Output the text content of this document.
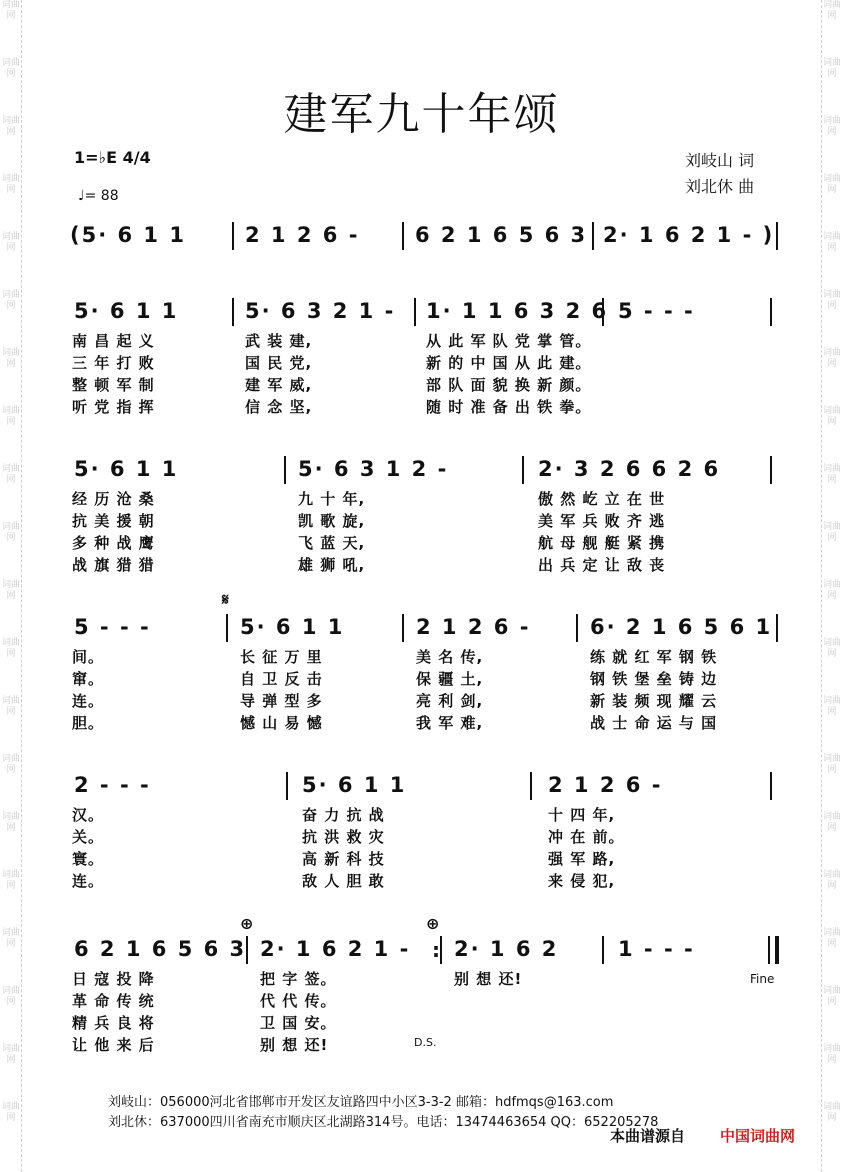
词曲网
词曲网
词曲网
词曲网
词曲网
词曲网
词曲网
词曲网
词曲网
词曲网
词曲网
词曲网
词曲网
词曲网
词曲网
词曲网
词曲网
词曲网
词曲网
词曲网
词曲网
词曲网
词曲网
词曲网
词曲网
词曲网
词曲网
词曲网
词曲网
词曲网
词曲网
词曲网
词曲网
词曲网
词曲网
词曲网
词曲网
词曲网
词曲网
词曲网
建军九十年颂
1=♭E 4/4
♩= 88
刘岐山 词
刘北休 曲
(5· 6 1 1	2 1 2 6 -	6 2 1 6 5 6 3 2· 1 6 2 1 - )
5· 6 1 1	5· 6 3 2 1 - 1· 1 1 6 3 2 6 5 - - -
南 昌 起 义	武 装 建,	从 此 军 队 党 掌 管。
三 年 打 败	国 民 党,	新 的 中 国 从 此 建。
整 顿 军 制	建 军 威,	部 队 面 貌 换 新 颜。
听 党 指 挥	信 念 坚,	随 时 准 备 出 铁 拳。
5· 6 1 1	5· 6 3 1 2 -	2· 3 2 6 6 2 6
经 历 沧 桑	九 十 年,	傲 然 屹 立 在 世
抗 美 援 朝	凯 歌 旋,	美 军 兵 败 齐 逃
多 种 战 鹰	飞 蓝 天,	航 母 舰 艇 紧 携
战 旗 猎 猎	雄 狮 吼,	出 兵 定 让 敌 丧
𝄋
5 - - -	5· 6 1 1	2 1 2 6 -	6· 2 1 6 5 6 1
间。	长 征 万 里	美 名 传,	练 就 红 军 钢 铁
窜。	自 卫 反 击	保 疆 土,	钢 铁 堡 垒 铸 边
连。	导 弹 型 多	亮 利 剑,	新 装 频 现 耀 云
胆。	憾 山 易 憾	我 军 难,	战 士 命 运 与 国
2 - - -	5· 6 1 1	2 1 2 6 -
汉。	奋 力 抗 战	十 四 年,
关。	抗 洪 救 灾	冲 在 前。
寰。	高 新 科 技	强 军 路,
连。	敌 人 胆 敢	来 侵 犯,
⊕	⊕
6 2 1 6 5 6 3 2· 1 6 2 1 -
: 2· 1 6 2	1 - - -
日 寇 投 降	把 字 签。	别 想 还!
革 命 传 统	代 代 传。
精 兵 良 将	卫 国 安。
让 他 来 后	别 想 还!
Fine
D.S.
刘岐山：056000河北省邯郸市开发区友谊路四中小区3-3-2 邮箱：hdfmqs@163.com
刘北休：637000四川省南充市顺庆区北湖路314号。电话：13474463654 QQ：652205278
本曲谱源自 中国词曲网
